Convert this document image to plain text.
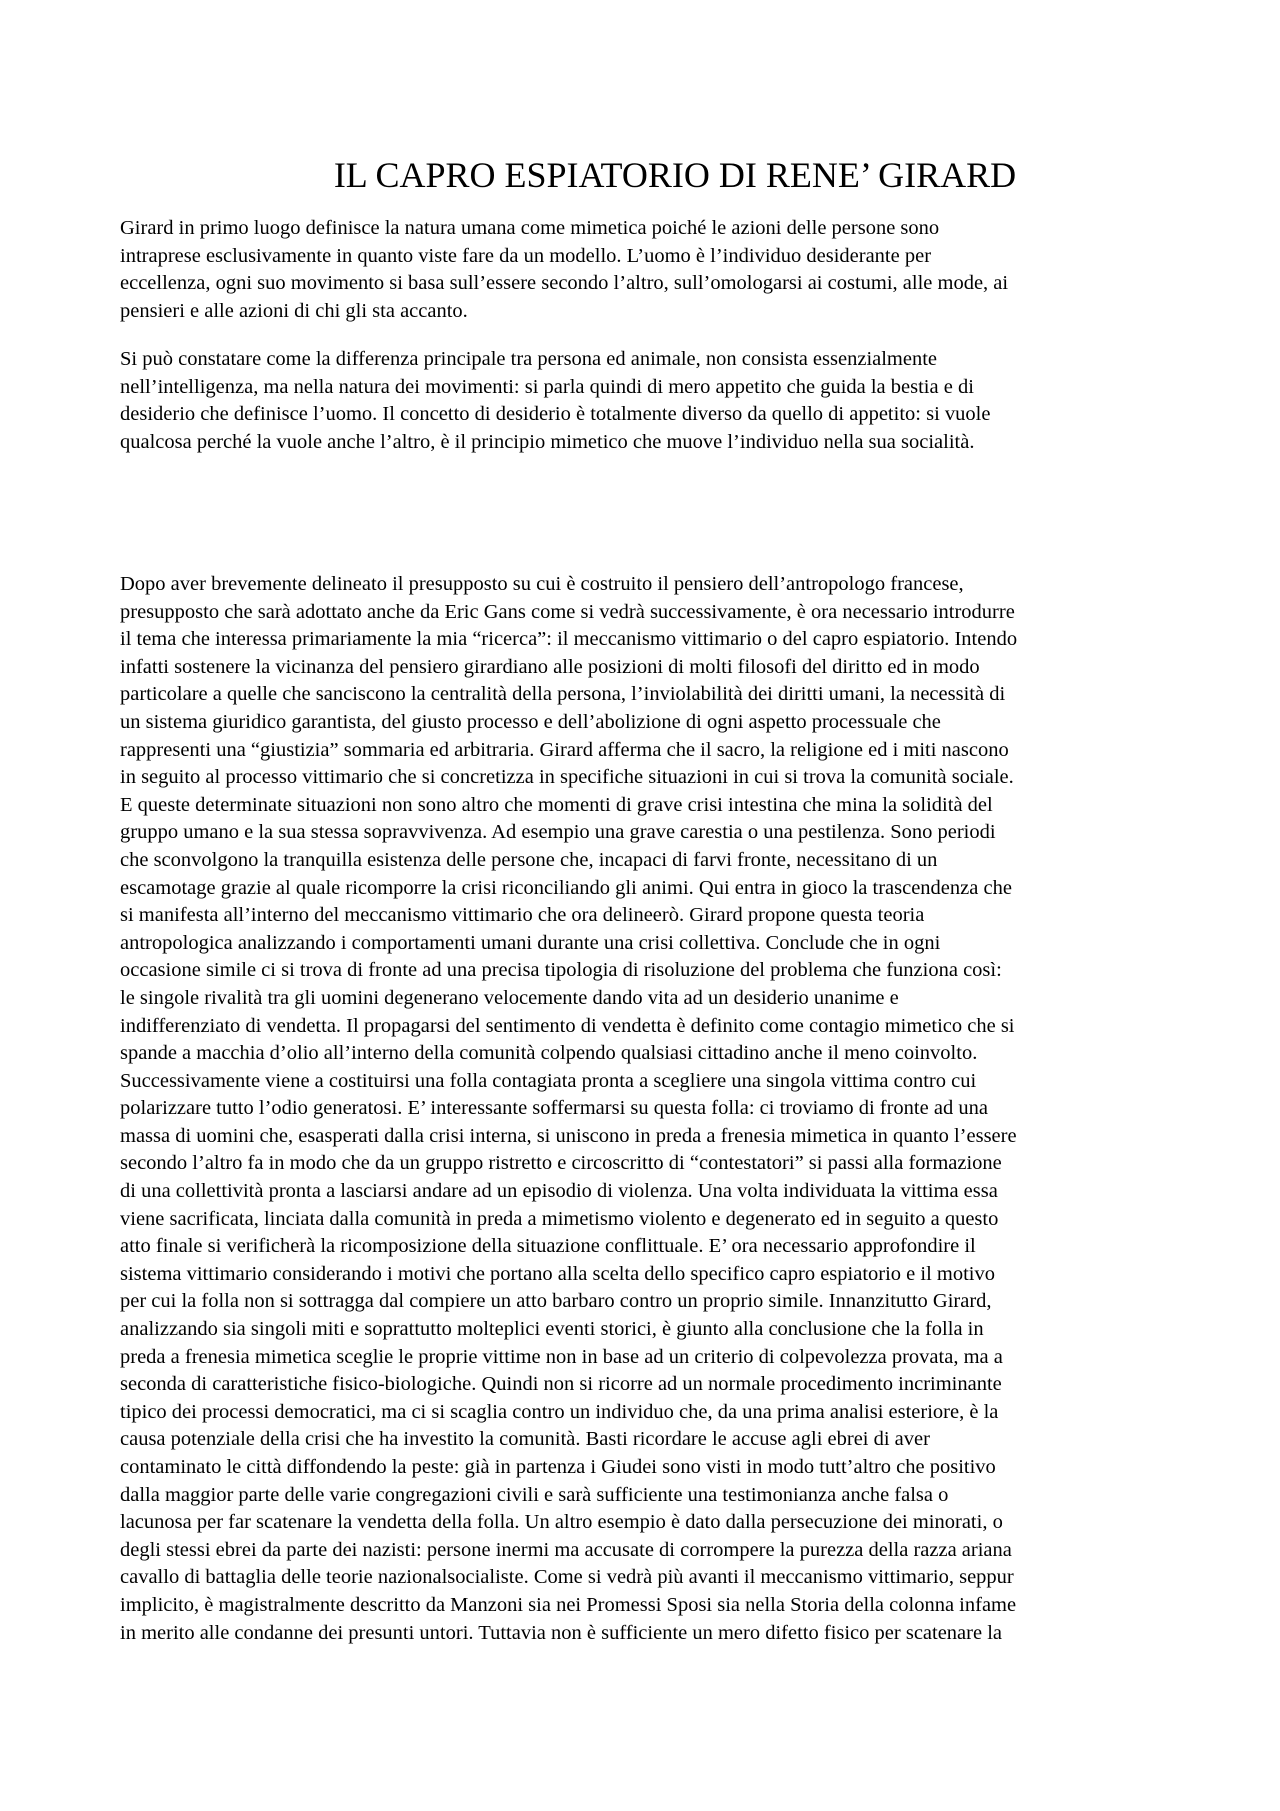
IL CAPRO ESPIATORIO DI RENE’ GIRARD

Girard in primo luogo definisce la natura umana come mimetica poiché le azioni delle persone sono
intraprese esclusivamente in quanto viste fare da un modello. L’uomo è l’individuo desiderante per
eccellenza, ogni suo movimento si basa sull’essere secondo l’altro, sull’omologarsi ai costumi, alle mode, ai
pensieri e alle azioni di chi gli sta accanto.

Si può constatare come la differenza principale tra persona ed animale, non consista essenzialmente
nell’intelligenza, ma nella natura dei movimenti: si parla quindi di mero appetito che guida la bestia e di
desiderio che definisce l’uomo. Il concetto di desiderio è totalmente diverso da quello di appetito: si vuole
qualcosa perché la vuole anche l’altro, è il principio mimetico che muove l’individuo nella sua socialità.

Dopo aver brevemente delineato il presupposto su cui è costruito il pensiero dell’antropologo francese,
presupposto che sarà adottato anche da Eric Gans come si vedrà successivamente, è ora necessario introdurre
il tema che interessa primariamente la mia “ricerca”: il meccanismo vittimario o del capro espiatorio. Intendo
infatti sostenere la vicinanza del pensiero girardiano alle posizioni di molti filosofi del diritto ed in modo
particolare a quelle che sanciscono la centralità della persona, l’inviolabilità dei diritti umani, la necessità di
un sistema giuridico garantista, del giusto processo e dell’abolizione di ogni aspetto processuale che
rappresenti una “giustizia” sommaria ed arbitraria. Girard afferma che il sacro, la religione ed i miti nascono
in seguito al processo vittimario che si concretizza in specifiche situazioni in cui si trova la comunità sociale.
E queste determinate situazioni non sono altro che momenti di grave crisi intestina che mina la solidità del
gruppo umano e la sua stessa sopravvivenza. Ad esempio una grave carestia o una pestilenza. Sono periodi
che sconvolgono la tranquilla esistenza delle persone che, incapaci di farvi fronte, necessitano di un
escamotage grazie al quale ricomporre la crisi riconciliando gli animi. Qui entra in gioco la trascendenza che
si manifesta all’interno del meccanismo vittimario che ora delineerò. Girard propone questa teoria
antropologica analizzando i comportamenti umani durante una crisi collettiva. Conclude che in ogni
occasione simile ci si trova di fronte ad una precisa tipologia di risoluzione del problema che funziona così:
le singole rivalità tra gli uomini degenerano velocemente dando vita ad un desiderio unanime e
indifferenziato di vendetta. Il propagarsi del sentimento di vendetta è definito come contagio mimetico che si
spande a macchia d’olio all’interno della comunità colpendo qualsiasi cittadino anche il meno coinvolto.
Successivamente viene a costituirsi una folla contagiata pronta a scegliere una singola vittima contro cui
polarizzare tutto l’odio generatosi. E’ interessante soffermarsi su questa folla: ci troviamo di fronte ad una
massa di uomini che, esasperati dalla crisi interna, si uniscono in preda a frenesia mimetica in quanto l’essere
secondo l’altro fa in modo che da un gruppo ristretto e circoscritto di “contestatori” si passi alla formazione
di una collettività pronta a lasciarsi andare ad un episodio di violenza. Una volta individuata la vittima essa
viene sacrificata, linciata dalla comunità in preda a mimetismo violento e degenerato ed in seguito a questo
atto finale si verificherà la ricomposizione della situazione conflittuale. E’ ora necessario approfondire il
sistema vittimario considerando i motivi che portano alla scelta dello specifico capro espiatorio e il motivo
per cui la folla non si sottragga dal compiere un atto barbaro contro un proprio simile. Innanzitutto Girard,
analizzando sia singoli miti e soprattutto molteplici eventi storici, è giunto alla conclusione che la folla in
preda a frenesia mimetica sceglie le proprie vittime non in base ad un criterio di colpevolezza provata, ma a
seconda di caratteristiche fisico-biologiche. Quindi non si ricorre ad un normale procedimento incriminante
tipico dei processi democratici, ma ci si scaglia contro un individuo che, da una prima analisi esteriore, è la
causa potenziale della crisi che ha investito la comunità. Basti ricordare le accuse agli ebrei di aver
contaminato le città diffondendo la peste: già in partenza i Giudei sono visti in modo tutt’altro che positivo
dalla maggior parte delle varie congregazioni civili e sarà sufficiente una testimonianza anche falsa o
lacunosa per far scatenare la vendetta della folla. Un altro esempio è dato dalla persecuzione dei minorati, o
degli stessi ebrei da parte dei nazisti: persone inermi ma accusate di corrompere la purezza della razza ariana
cavallo di battaglia delle teorie nazionalsocialiste. Come si vedrà più avanti il meccanismo vittimario, seppur
implicito, è magistralmente descritto da Manzoni sia nei Promessi Sposi sia nella Storia della colonna infame
in merito alle condanne dei presunti untori. Tuttavia non è sufficiente un mero difetto fisico per scatenare la
